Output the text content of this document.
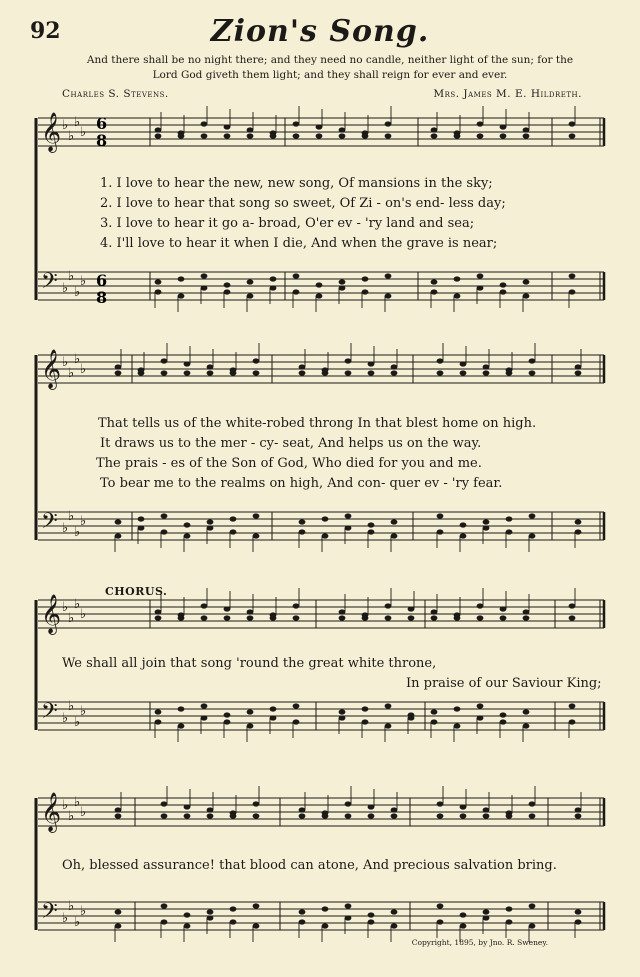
92	Zion's Song.
And there shall be no night there; and they need no candle, neither light of the sun; for the
Lord God giveth them light; and they shall reign for ever and ever.
Charles S. Stevens.	Mrs. James M. E. Hildreth.
𝄞 ♭
♭
♭
♭
𝄢 ♭
♭
♭
♭
𝄞 ♭
♭
♭
♭
𝄢 ♭
♭
♭
♭
𝄞 ♭
♭
♭
♭
𝄢 ♭
♭
♭
♭
𝄞 ♭
♭
♭
♭
𝄢 ♭
♭
♭
♭
6
8
6
8
1. I love to hear the new, new song, Of mansions in the sky;
2. I love to hear that song so sweet, Of Zi - on's end- less day;
3. I love to hear it go a- broad, O'er ev - 'ry land and sea;
4. I'll love to hear it when I die, And when the grave is near;
That tells us of the white-robed throng In that blest home on high.
It draws us to the mer - cy- seat, And helps us on the way.
The prais - es of the Son of God, Who died for you and me.
To bear me to the realms on high, And con- quer ev - 'ry fear.
CHORUS.
We shall all join that song 'round the great white throne,
In praise of our Saviour King;
Oh, blessed assurance! that blood can atone, And precious salvation bring.
Copyright, 1895, by Jno. R. Sweney.
